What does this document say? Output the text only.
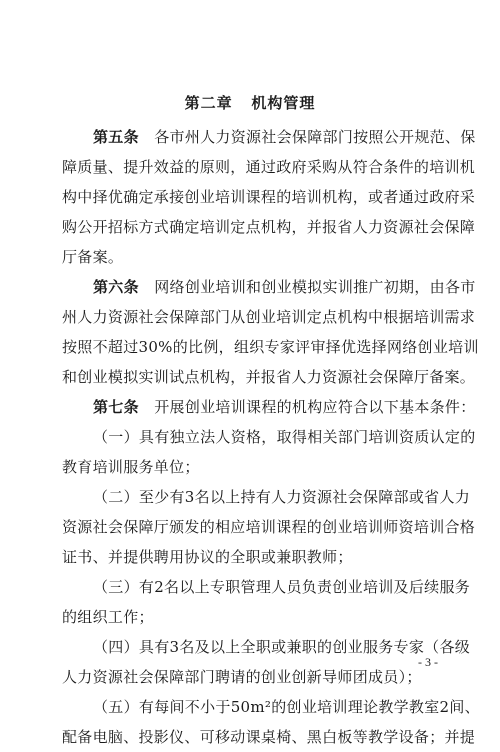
第二章   机构管理
第五条　 各市州人力资源社会保障部门按照公开规范、保
障质量、提升效益的原则，通过政府采购从符合条件的培训机
构中择优确定承接创业培训课程的培训机构，或者通过政府采
购公开招标方式确定培训定点机构，并报省人力资源社会保障
厅备案。
第六条　 网络创业培训和创业模拟实训推广初期，由各市
州人力资源社会保障部门从创业培训定点机构中根据培训需求
按照不超过30%的比例，组织专家评审择优选择网络创业培训
和创业模拟实训试点机构，并报省人力资源社会保障厅备案。
第七条　 开展创业培训课程的机构应符合以下基本条件：
（一）具有独立法人资格，取得相关部门培训资质认定的
教育培训服务单位；
（二）至少有3名以上持有人力资源社会保障部或省人力
资源社会保障厅颁发的相应培训课程的创业培训师资培训合格
证书、并提供聘用协议的全职或兼职教师；
（三）有2名以上专职管理人员负责创业培训及后续服务
的组织工作；
（四）具有3名及以上全职或兼职的创业服务专家（各级
人力资源社会保障部门聘请的创业创新导师团成员）；
（五）有每间不小于50m²的创业培训理论教学教室2间、
配备电脑、投影仪、可移动课桌椅、黑白板等教学设备；并提
- 3 -
